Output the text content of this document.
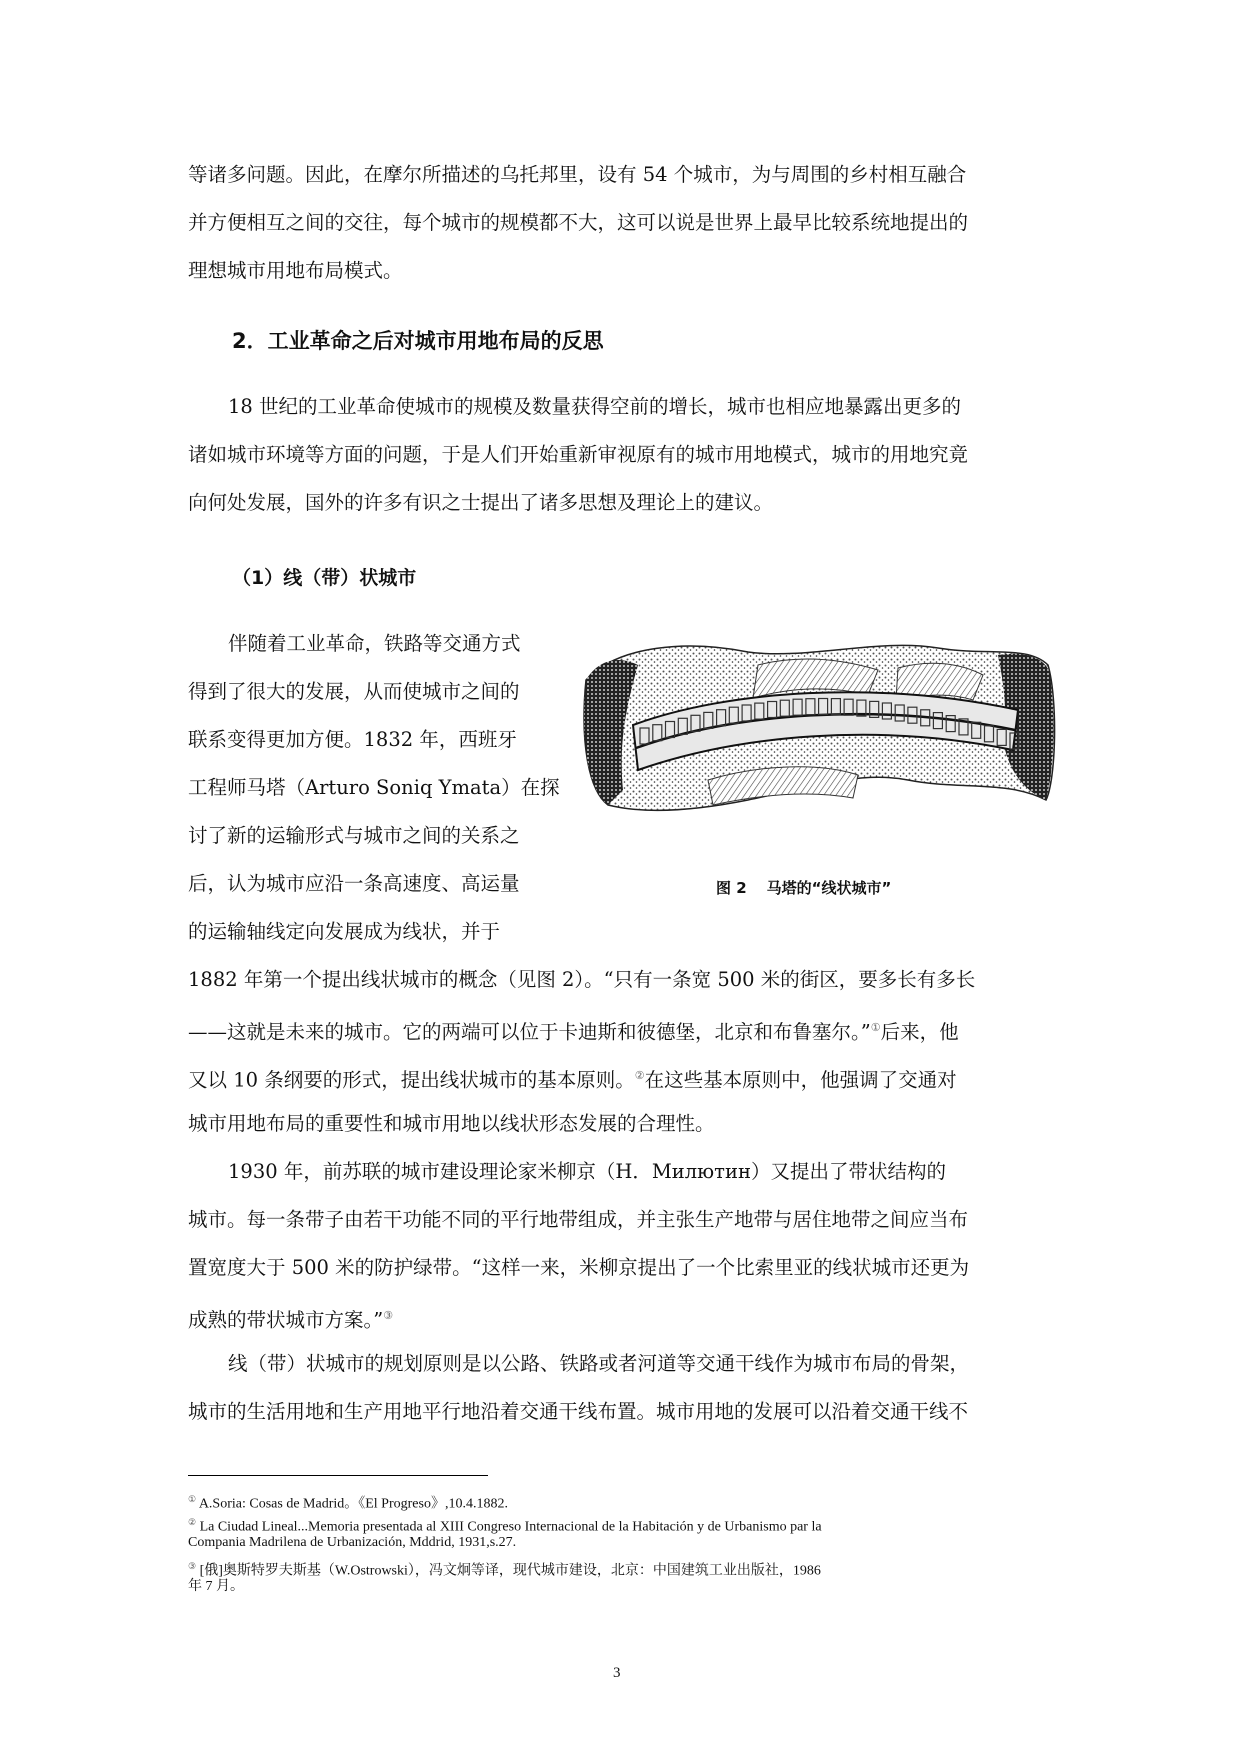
等诸多问题。因此，在摩尔所描述的乌托邦里，设有 54 个城市，为与周围的乡村相互融合
并方便相互之间的交往，每个城市的规模都不大，这可以说是世界上最早比较系统地提出的
理想城市用地布局模式。
2．工业革命之后对城市用地布局的反思
18 世纪的工业革命使城市的规模及数量获得空前的增长，城市也相应地暴露出更多的
诸如城市环境等方面的问题，于是人们开始重新审视原有的城市用地模式，城市的用地究竟
向何处发展，国外的许多有识之士提出了诸多思想及理论上的建议。
（1）线（带）状城市
伴随着工业革命，铁路等交通方式
得到了很大的发展，从而使城市之间的
联系变得更加方便。1832 年，西班牙
工程师马塔（Arturo Soniq Ymata）在探
讨了新的运输形式与城市之间的关系之
后，认为城市应沿一条高速度、高运量
的运输轴线定向发展成为线状，并于
图 2 马塔的“线状城市”
1882 年第一个提出线状城市的概念（见图 2）。“只有一条宽 500 米的街区，要多长有多长
——这就是未来的城市。它的两端可以位于卡迪斯和彼德堡，北京和布鲁塞尔。”①后来，他
又以 10 条纲要的形式，提出线状城市的基本原则。②在这些基本原则中，他强调了交通对
城市用地布局的重要性和城市用地以线状形态发展的合理性。
1930 年，前苏联的城市建设理论家米柳京（Н．Милютин）又提出了带状结构的
城市。每一条带子由若干功能不同的平行地带组成，并主张生产地带与居住地带之间应当布
置宽度大于 500 米的防护绿带。“这样一来，米柳京提出了一个比索里亚的线状城市还更为
成熟的带状城市方案。”③
线（带）状城市的规划原则是以公路、铁路或者河道等交通干线作为城市布局的骨架，
城市的生活用地和生产用地平行地沿着交通干线布置。城市用地的发展可以沿着交通干线不
① A.Soria: Cosas de Madrid。《El Progreso》,10.4.1882.
② La Ciudad Lineal...Memoria presentada al XIII Congreso Internacional de la Habitación y de Urbanismo par la
Compania Madrilena de Urbanización, Mddrid, 1931,s.27.
③ [俄]奥斯特罗夫斯基（W.Ostrowski），冯文炯等译，现代城市建设，北京：中国建筑工业出版社，1986
年 7 月。
3
